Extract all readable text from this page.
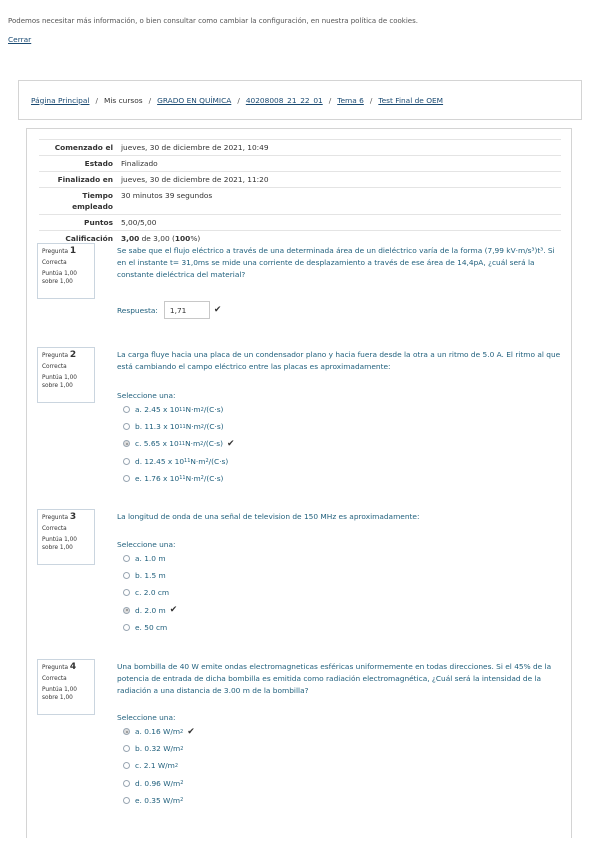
Podemos necesitar más información, o bien consultar como cambiar la configuración, en nuestra política de cookies.
Cerrar
Página Principal / Mis cursos / GRADO EN QUÍMICA / 40208008_21_22_01 / Tema 6 / Test Final de OEM
Comenzado el	jueves, 30 de diciembre de 2021, 10:49
Estado	Finalizado
Finalizado en	jueves, 30 de diciembre de 2021, 11:20
Tiempo empleado	30 minutos 39 segundos
Puntos	5,00/5,00
Calificación	3,00 de 3,00 (100%)
Pregunta 1
Correcta
Puntúa 1,00 sobre 1,00
Se sabe que el flujo eléctrico a través de una determinada área de un dieléctrico varía de la forma (7,99 kV·m/s³)t³. Si en el instante t= 31,0ms se mide una corriente de desplazamiento a través de ese área de 14,4pA, ¿cuál será la constante dieléctrica del material?
Respuesta:
1,71	✔
Pregunta 2
Correcta
Puntúa 1,00 sobre 1,00
La carga fluye hacia una placa de un condensador plano y hacia fuera desde la otra a un ritmo de 5.0 A. El ritmo al que está cambiando el campo eléctrico entre las placas es aproximadamente:
Seleccione una:
a. 2.45 x 10 11 N·m 2 /(C·s)
b. 11.3 x 10 11 N·m 2 /(C·s)
c. 5.65 x 10 11 N·m 2 /(C·s) ✔
d. 12.45 x 10 11 N·m 2 /(C·s)
e. 1.76 x 10 11 N·m 2 /(C·s)
Pregunta 3
Correcta
Puntúa 1,00 sobre 1,00
La longitud de onda de una señal de television de 150 MHz es aproximadamente:
Seleccione una:
a. 1.0 m
b. 1.5 m
c. 2.0 cm
d. 2.0 m ✔
e. 50 cm
Pregunta 4
Correcta
Puntúa 1,00 sobre 1,00
Una bombilla de 40 W emite ondas electromagneticas esféricas uniformemente en todas direcciones. Si el 45% de la potencia de entrada de dicha bombilla es emitida como radiación electromagnética, ¿Cuál será la intensidad de la radiación a una distancia de 3.00 m de la bombilla?
Seleccione una:
a. 0.16 W/m 2 ✔
b. 0.32 W/m 2
c. 2.1 W/m 2
d. 0.96 W/m 2
e. 0.35 W/m 2
